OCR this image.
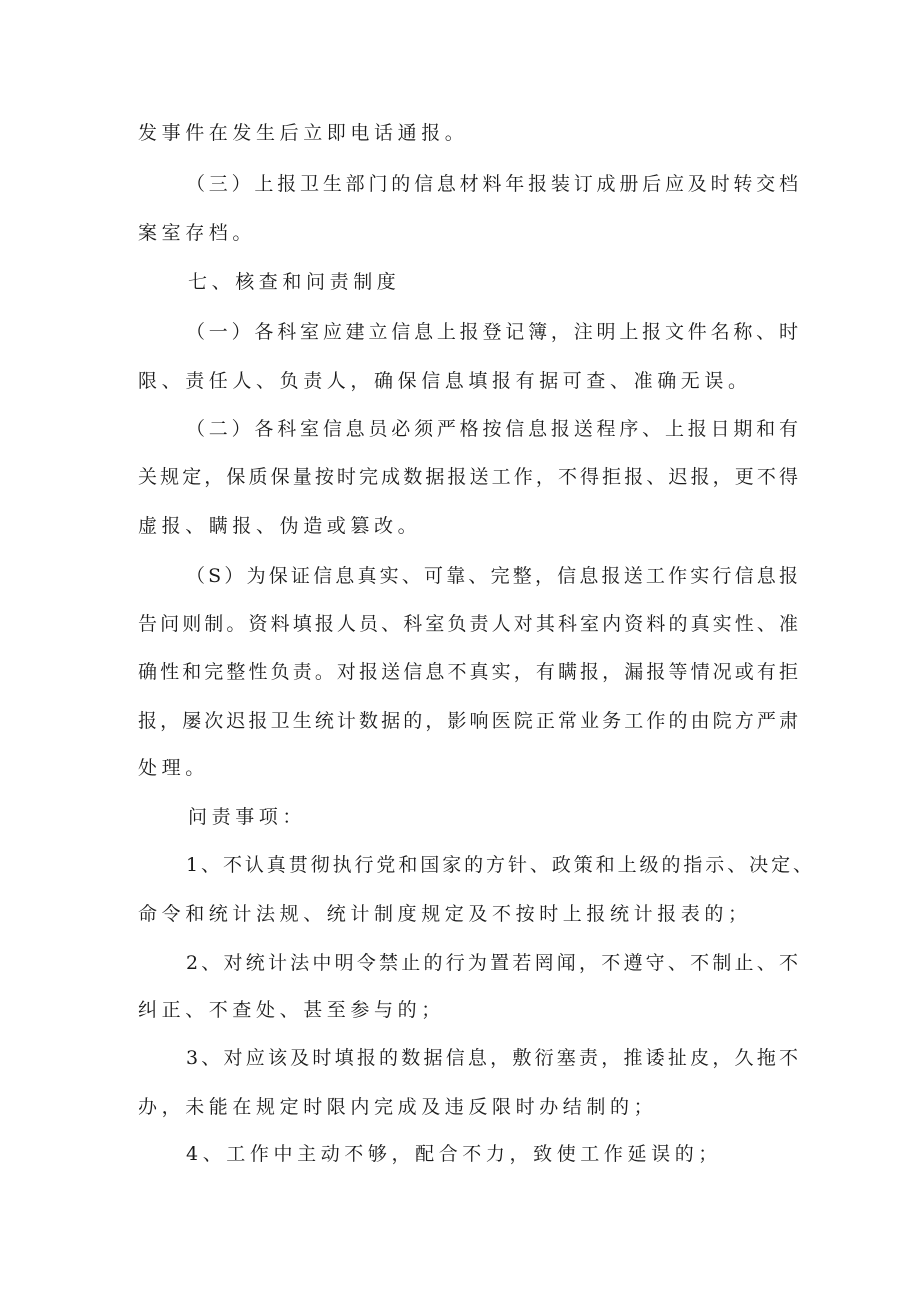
发事件在发生后立即电话通报。

（三）上报卫生部门的信息材料年报装订成册后应及时转交档

案室存档。

七、核查和问责制度

（一）各科室应建立信息上报登记簿，注明上报文件名称、时

限、责任人、负责人，确保信息填报有据可查、准确无误。

（二）各科室信息员必须严格按信息报送程序、上报日期和有

关规定，保质保量按时完成数据报送工作，不得拒报、迟报，更不得

虚报、瞒报、伪造或篡改。

（S）为保证信息真实、可靠、完整，信息报送工作实行信息报

告问则制。资料填报人员、科室负责人对其科室内资料的真实性、准

确性和完整性负责。对报送信息不真实，有瞒报，漏报等情况或有拒

报，屡次迟报卫生统计数据的，影响医院正常业务工作的由院方严肃

处理。

问责事项：

1、不认真贯彻执行党和国家的方针、政策和上级的指示、决定、

命令和统计法规、统计制度规定及不按时上报统计报表的；

2、对统计法中明令禁止的行为置若罔闻，不遵守、不制止、不

纠正、不查处、甚至参与的；

3、对应该及时填报的数据信息，敷衍塞责，推诿扯皮，久拖不

办，未能在规定时限内完成及违反限时办结制的；

4、工作中主动不够，配合不力，致使工作延误的；
